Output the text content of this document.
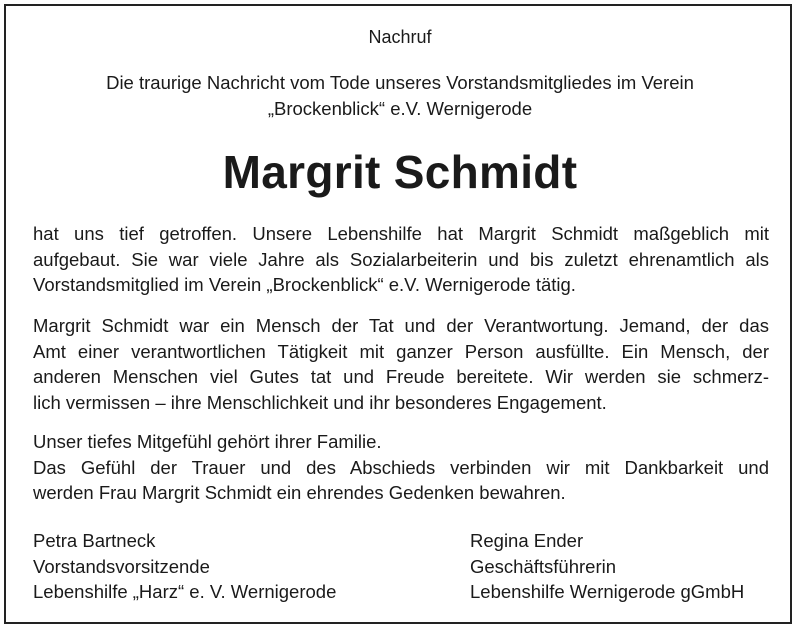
Nachruf
Die traurige Nachricht vom Tode unseres Vorstandsmitgliedes im Verein
„Brockenblick“ e.V. Wernigerode
Margrit Schmidt
hat uns tief getroffen. Unsere Lebenshilfe hat Margrit Schmidt maßgeblich mit
aufgebaut. Sie war viele Jahre als Sozialarbeiterin und bis zuletzt ehrenamtlich als
Vorstandsmitglied im Verein „Brockenblick“ e.V. Wernigerode tätig.
Margrit Schmidt war ein Mensch der Tat und der Verantwortung. Jemand, der das
Amt einer verantwortlichen Tätigkeit mit ganzer Person ausfüllte. Ein Mensch, der
anderen Menschen viel Gutes tat und Freude bereitete. Wir werden sie schmerz-
lich vermissen – ihre Menschlichkeit und ihr besonderes Engagement.
Unser tiefes Mitgefühl gehört ihrer Familie.
Das Gefühl der Trauer und des Abschieds verbinden wir mit Dankbarkeit und
werden Frau Margrit Schmidt ein ehrendes Gedenken bewahren.
Petra Bartneck
Vorstandsvorsitzende
Lebenshilfe „Harz“ e. V. Wernigerode
Regina Ender
Geschäftsführerin
Lebenshilfe Wernigerode gGmbH
